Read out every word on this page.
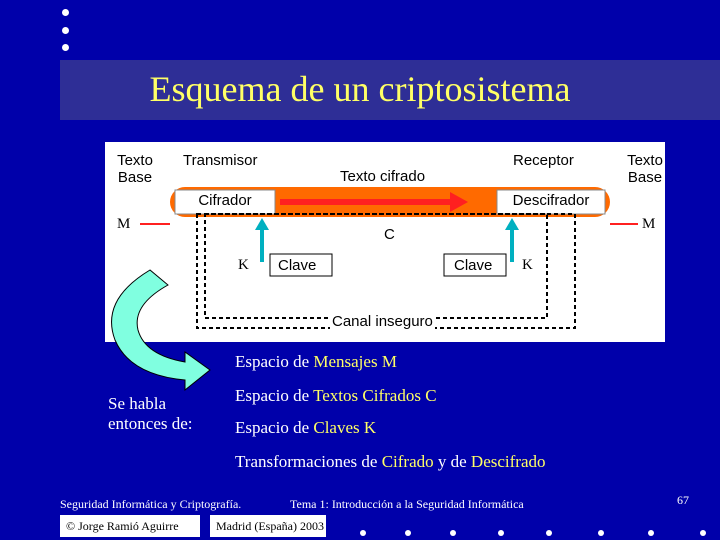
Esquema de un criptosistema
Texto
Base
Transmisor
Texto cifrado
Receptor	Texto
Base
Cifrador	Descifrador
M	M
C
K Clave	Clave K
Canal inseguro
Se habla
entonces de:
Espacio de Mensajes M
Espacio de Textos Cifrados C
Espacio de Claves K
Transformaciones de Cifrado y de Descifrado
Seguridad Informática y Criptografía.	Tema 1: Introducción a la Seguridad Informática	67
© Jorge Ramió Aguirre	Madrid (España) 2003
